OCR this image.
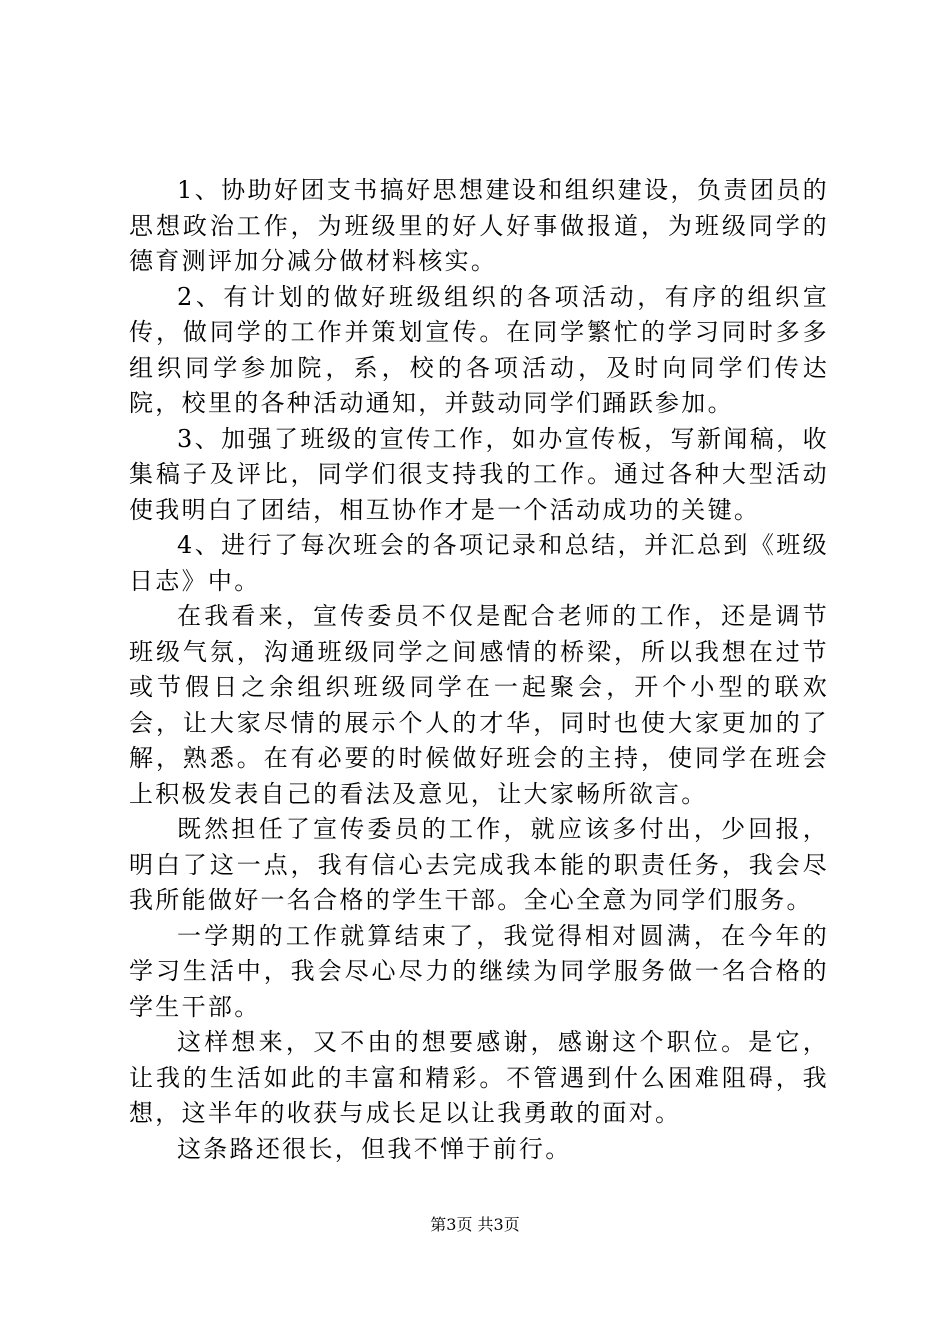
1、协助好团支书搞好思想建设和组织建设，负责团员的思想政治工作，为班级里的好人好事做报道，为班级同学的德育测评加分减分做材料核实。

2、有计划的做好班级组织的各项活动，有序的组织宣传，做同学的工作并策划宣传。在同学繁忙的学习同时多多组织同学参加院，系，校的各项活动，及时向同学们传达院，校里的各种活动通知，并鼓动同学们踊跃参加。

3、加强了班级的宣传工作，如办宣传板，写新闻稿，收集稿子及评比，同学们很支持我的工作。通过各种大型活动使我明白了团结，相互协作才是一个活动成功的关键。

4、进行了每次班会的各项记录和总结，并汇总到《班级日志》中。

在我看来，宣传委员不仅是配合老师的工作，还是调节班级气氛，沟通班级同学之间感情的桥梁，所以我想在过节或节假日之余组织班级同学在一起聚会，开个小型的联欢会，让大家尽情的展示个人的才华，同时也使大家更加的了解，熟悉。在有必要的时候做好班会的主持，使同学在班会上积极发表自己的看法及意见，让大家畅所欲言。

既然担任了宣传委员的工作，就应该多付出，少回报，明白了这一点，我有信心去完成我本能的职责任务，我会尽我所能做好一名合格的学生干部。全心全意为同学们服务。

一学期的工作就算结束了，我觉得相对圆满，在今年的学习生活中，我会尽心尽力的继续为同学服务做一名合格的学生干部。

这样想来，又不由的想要感谢，感谢这个职位。是它，让我的生活如此的丰富和精彩。不管遇到什么困难阻碍，我想，这半年的收获与成长足以让我勇敢的面对。

这条路还很长，但我不惮于前行。

第3页 共3页
